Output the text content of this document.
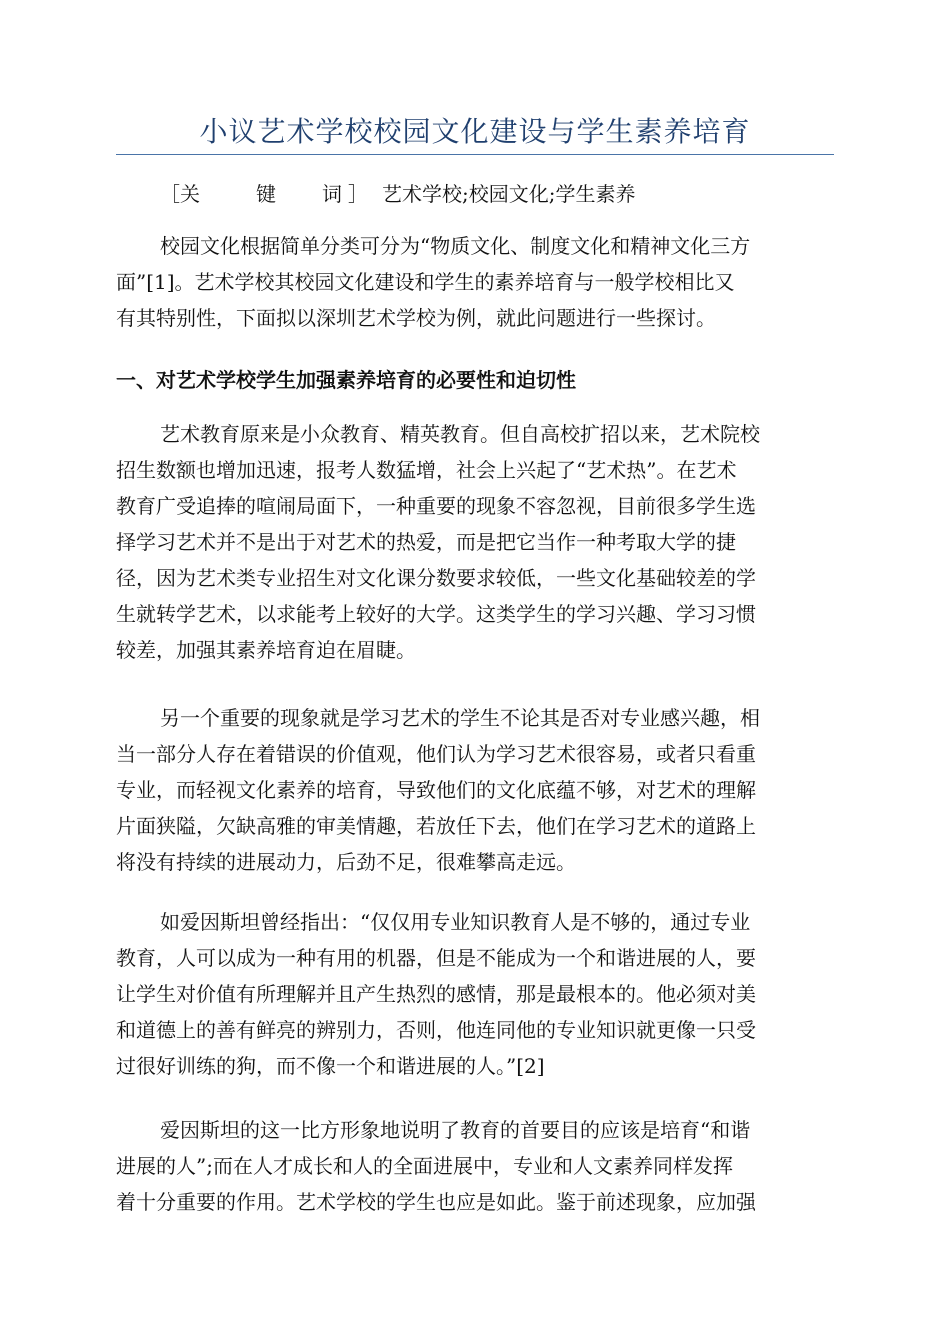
小议艺术学校校园文化建设与学生素养培育
［ 关	键	词 ］ 艺术学校;校园文化;学生素养
校园文化根据简单分类可分为“物质文化、制度文化和精神文化三方
面”[1]。艺术学校其校园文化建设和学生的素养培育与一般学校相比又
有其特别性，下面拟以深圳艺术学校为例，就此问题进行一些探讨。
一、对艺术学校学生加强素养培育的必要性和迫切性
艺术教育原来是小众教育、精英教育。但自高校扩招以来，艺术院校
招生数额也增加迅速，报考人数猛增，社会上兴起了“艺术热”。在艺术
教育广受追捧的喧闹局面下，一种重要的现象不容忽视，目前很多学生选
择学习艺术并不是出于对艺术的热爱，而是把它当作一种考取大学的捷
径，因为艺术类专业招生对文化课分数要求较低，一些文化基础较差的学
生就转学艺术，以求能考上较好的大学。这类学生的学习兴趣、学习习惯
较差，加强其素养培育迫在眉睫。
另一个重要的现象就是学习艺术的学生不论其是否对专业感兴趣，相
当一部分人存在着错误的价值观，他们认为学习艺术很容易，或者只看重
专业，而轻视文化素养的培育，导致他们的文化底蕴不够，对艺术的理解
片面狭隘，欠缺高雅的审美情趣，若放任下去，他们在学习艺术的道路上
将没有持续的进展动力，后劲不足，很难攀高走远。
如爱因斯坦曾经指出：“仅仅用专业知识教育人是不够的，通过专业
教育，人可以成为一种有用的机器，但是不能成为一个和谐进展的人，要
让学生对价值有所理解并且产生热烈的感情，那是最根本的。他必须对美
和道德上的善有鲜亮的辨别力，否则，他连同他的专业知识就更像一只受
过很好训练的狗，而不像一个和谐进展的人。”[2]
爱因斯坦的这一比方形象地说明了教育的首要目的应该是培育“和谐
进展的人”;而在人才成长和人的全面进展中，专业和人文素养同样发挥
着十分重要的作用。艺术学校的学生也应是如此。鉴于前述现象，应加强
